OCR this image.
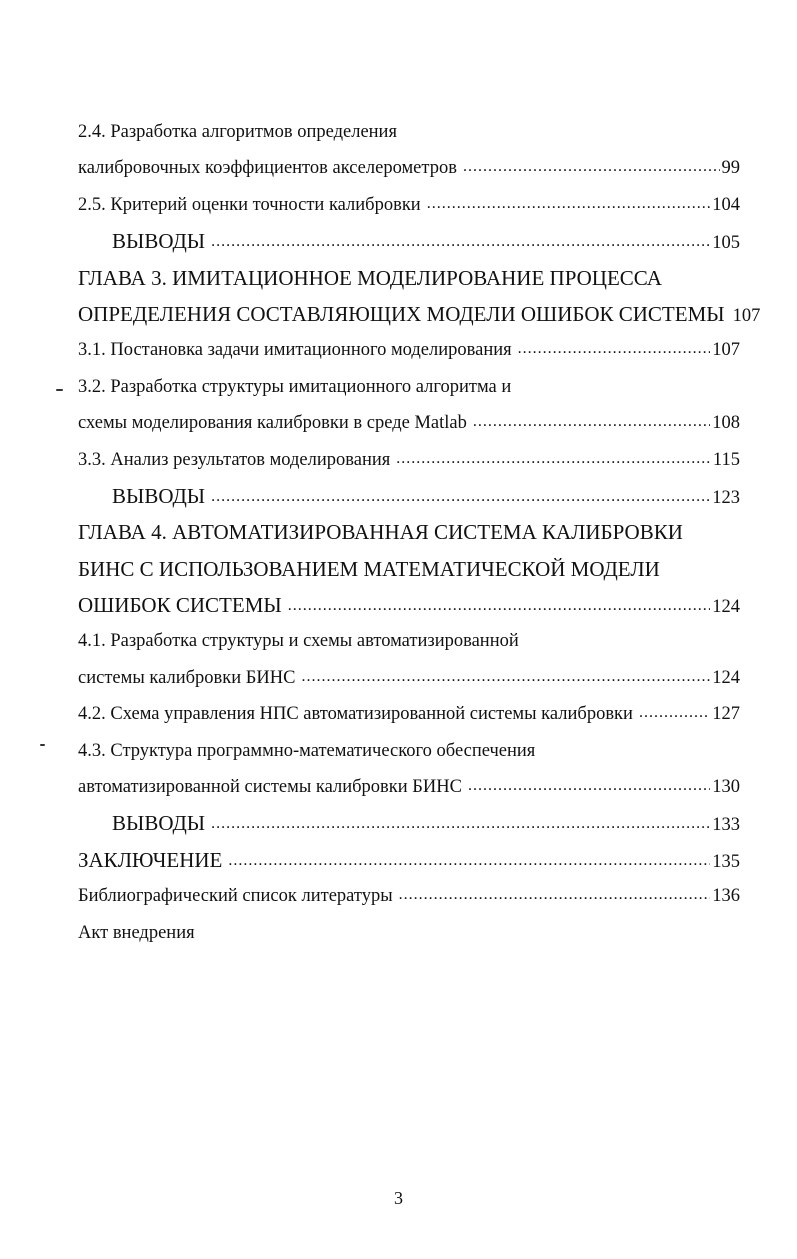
2.4. Разработка алгоритмов определения
калибровочных коэффициентов акселерометров .....	99
2.5. Критерий оценки точности калибровки .....	104
ВЫВОДЫ .....	105
ГЛАВА 3. ИМИТАЦИОННОЕ МОДЕЛИРОВАНИЕ ПРОЦЕССА
ОПРЕДЕЛЕНИЯ СОСТАВЛЯЮЩИХ МОДЕЛИ ОШИБОК СИСТЕМЫ 107
3.1. Постановка задачи имитационного моделирования .....	107
3.2. Разработка структуры имитационного алгоритма и
схемы моделирования калибровки в среде Matlab .....	108
3.3. Анализ результатов моделирования .....	115
ВЫВОДЫ .....	123
ГЛАВА 4. АВТОМАТИЗИРОВАННАЯ СИСТЕМА КАЛИБРОВКИ
БИНС С ИСПОЛЬЗОВАНИЕМ МАТЕМАТИЧЕСКОЙ МОДЕЛИ
ОШИБОК СИСТЕМЫ .....	124
4.1. Разработка структуры и схемы автоматизированной
системы калибровки БИНС .....	124
4.2. Схема управления НПС автоматизированной системы калибровки .....	127
4.3. Структура программно-математического обеспечения
автоматизированной системы калибровки БИНС .....	130
ВЫВОДЫ .....	133
ЗАКЛЮЧЕНИЕ .....	135
Библиографический список литературы .....	136
Акт внедрения
3
